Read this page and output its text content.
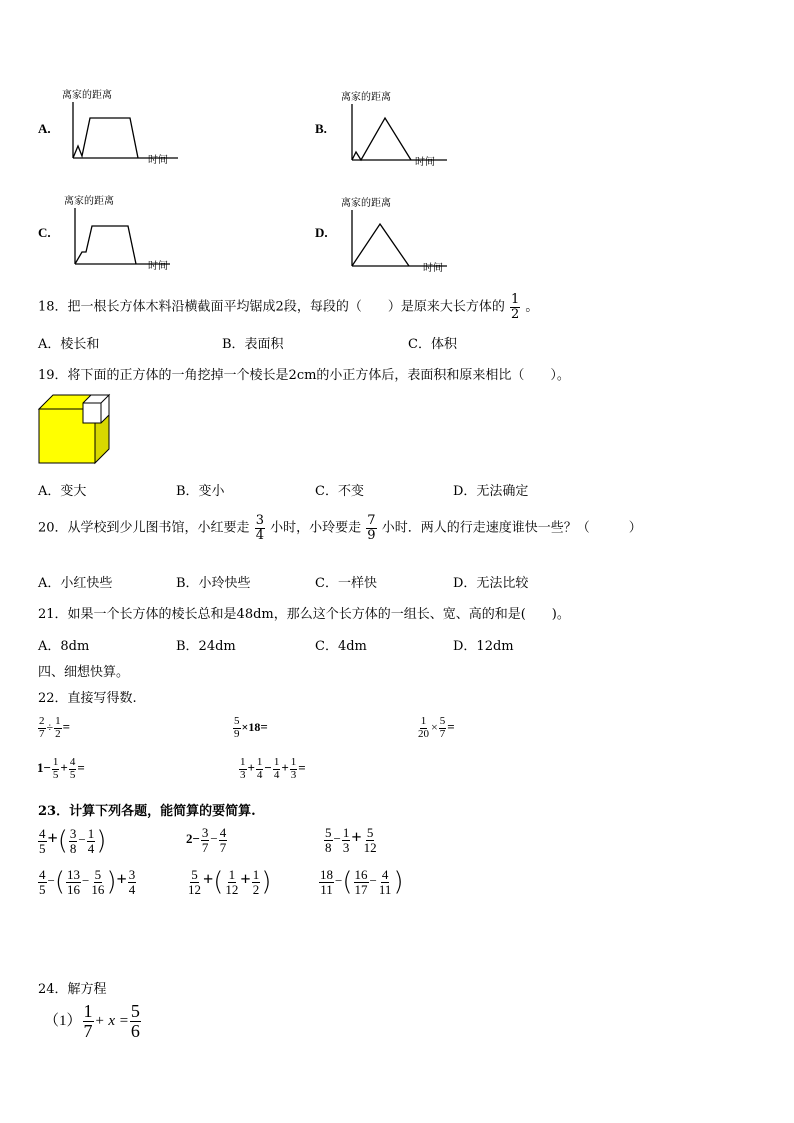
A.
离家的距离
时间
B.
离家的距离
时间
C.
离家的距离
时间
D.
离家的距离
时间
18．把一根长方体木料沿横截面平均锯成2段，每段的（　　）是原来大长方体的 $\frac{1}{2}$ 。
A．棱长和	B．表面积	C．体积
19．将下面的正方体的一角挖掉一个棱长是2cm的小正方体后，表面积和原来相比（　　）。
A．变大	B．变小	C．不变	D．无法确定
20．从学校到少儿图书馆，小红要走 $\frac{3}{4}$ 小时，小玲要走 $\frac{7}{9}$ 小时．两人的行走速度谁快一些？（　　　）
A．小红快些	B．小玲快些	C．一样快	D．无法比较
21．如果一个长方体的棱长总和是48dm，那么这个长方体的一组长、宽、高的和是(　　)。
A．8dm	B．24dm	C．4dm	D．12dm
四、细想快算。
22．直接写得数.
$\frac{2}{7} \div \frac{1}{2}$ =	$\frac{5}{9} \times 18=$	$\frac{1}{20} \times \frac{5}{7}$ =
$1- \frac{1}{5} + \frac{4}{5}$ =	$\frac{1}{3} + \frac{1}{4} - \frac{1}{4} + \frac{1}{3}$ =
23．计算下列各题，能简算的要简算.
$\frac{4}{5}$ +( $\frac{3}{8} - \frac{1}{4}$ )	$2- \frac{3}{7} - \frac{4}{7}$	$\frac{5}{8} - \frac{1}{3} + \frac{5}{12}$
$\frac{4}{5}$ −( $\frac{13}{16} - \frac{5}{16}$ )+ $\frac{3}{4}$	$\frac{5}{12}$ +( $\frac{1}{12} + \frac{1}{2}$ )	$\frac{18}{11}$ −( $\frac{16}{17} - \frac{4}{11}$ )
24．解方程
$(1) \frac{1}{7} + x = \frac{5}{6}$
